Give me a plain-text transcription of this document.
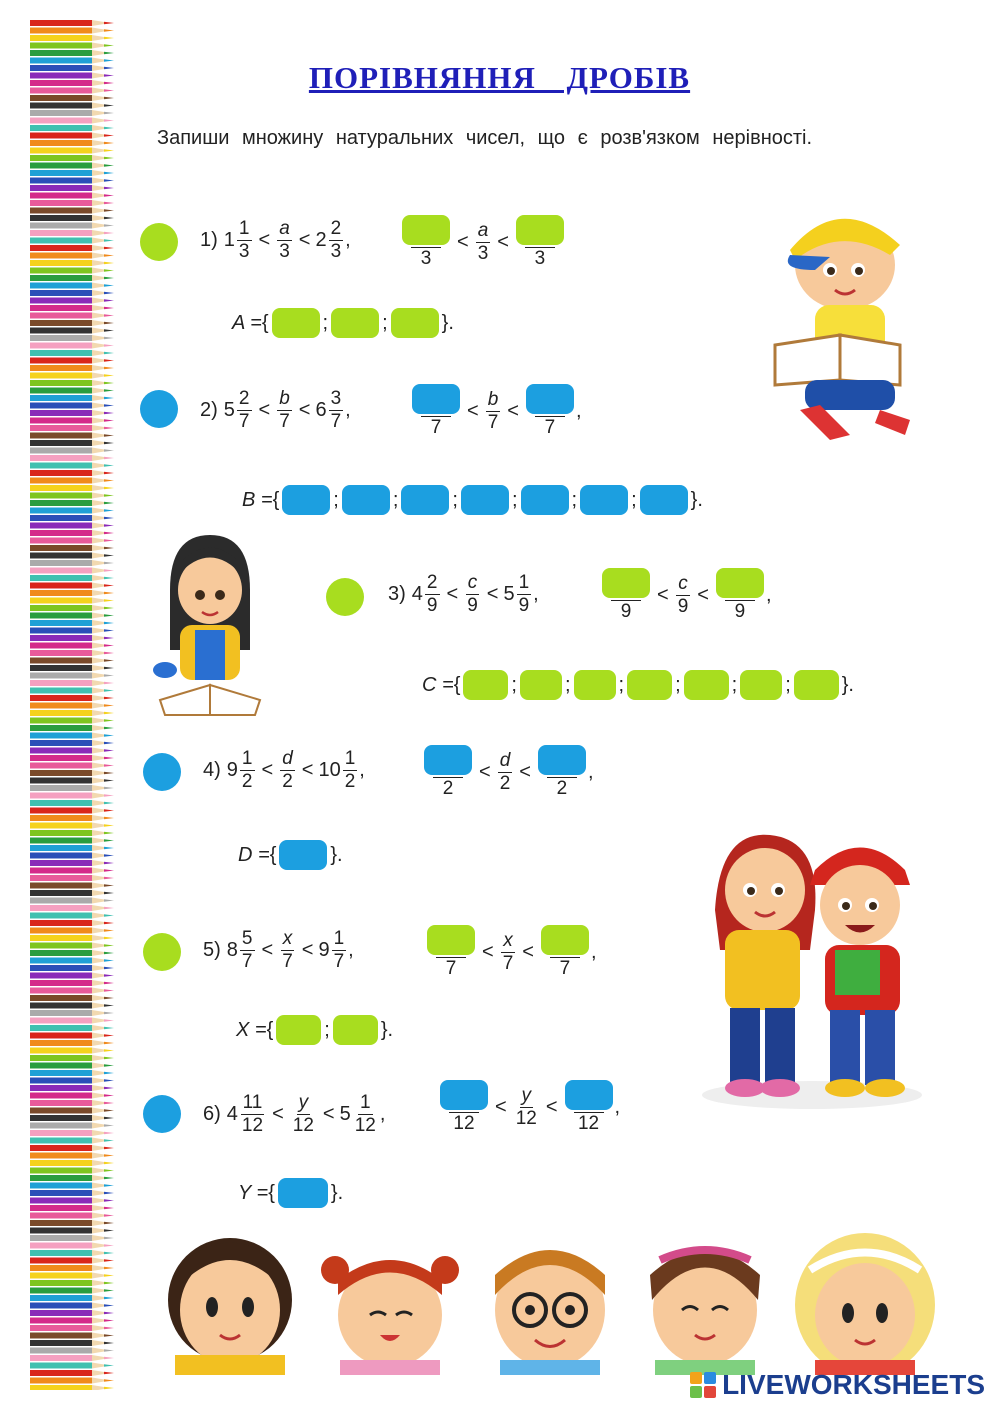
ПОРІВНЯННЯ ДРОБІВ
Запиши множину натуральних чисел, що є розв'язком нерівності.
1) $1 \frac{1}{3} < \frac{a}{3} < 2 \frac{2}{3}$ ,
3
< $\frac{a}{3}$ <
3
A = {	;	;	}.
2) $5 \frac{2}{7} < \frac{b}{7} < 6 \frac{3}{7}$ ,
7
< $\frac{b}{7}$ <
7
,
B = {	;	;	;	;	;	;	}.
3) $4 \frac{2}{9} < \frac{c}{9} < 5 \frac{1}{9}$ ,
9
< $\frac{c}{9}$ <
9
,
C = {	; ; ;	;	; ;	}.
4) $9 \frac{1}{2} < \frac{d}{2} < 10 \frac{1}{2}$ ,
2
< $\frac{d}{2}$ <
2
,
D = {	}.
5) $8 \frac{5}{7} < \frac{x}{7} < 9 \frac{1}{7}$ ,
7
< $\frac{x}{7}$ <
7
,
X = {	;	}.
6) $4 \frac{11}{12} < \frac{y}{12} < 5 \frac{1}{12}$ ,	12
< $\frac{y}{12}$ <
12
,
Y = {	}.
LIVEWORKSHEETS
